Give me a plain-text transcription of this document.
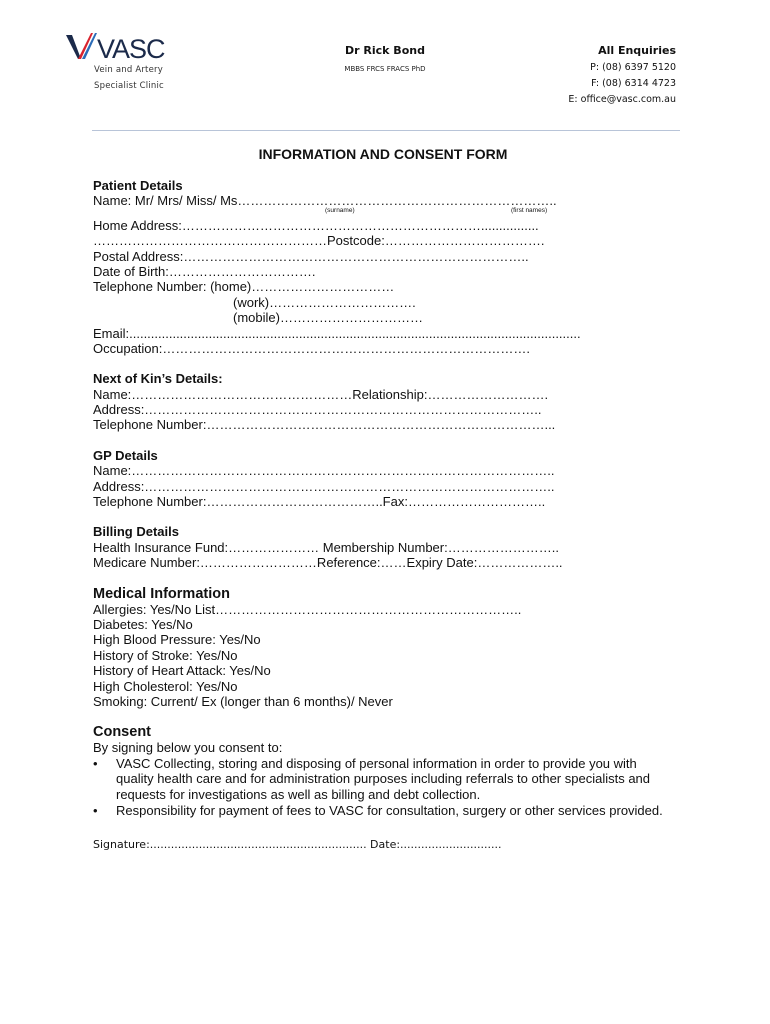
VASC
Vein and Artery
Specialist Clinic
Dr Rick Bond
MBBS FRCS FRACS PhD
All Enquiries
P: (08) 6397 5120
F: (08) 6314 4723
E: office@vasc.com.au
INFORMATION AND CONSENT FORM
Patient Details
Name: Mr/ Mrs/ Miss/ Ms………………………………………………………………..
(surname)	(first names)
Home Address:……………………………………………………………................
………………………………………………Postcode:……………………………….
Postal Address:……………………………………………………………………..
Date of Birth:…………………………….
Telephone Number: (home)……………………………
(work)…………………………….
(mobile)……………………………
Email:.............................................................................................................................
Occupation:………………………………………………………………………….
Next of Kin’s Details:
Name:……………………………………………Relationship:……………………….
Address:………………………………………………………………………………..
Telephone Number:……………………………………………………………………...
GP Details
Name:……………………………………………………………………………………..
Address:…………………………………………………………………………………..
Telephone Number:…………………………………..Fax:…………………………..
Billing Details
Health Insurance Fund:………………… Membership Number:……………………..
Medicare Number:………………………Reference:……Expiry Date:………………..
Medical Information
Allergies: Yes/No List……………………………………………………………..
Diabetes: Yes/No
High Blood Pressure: Yes/No
History of Stroke: Yes/No
History of Heart Attack: Yes/No
High Cholesterol: Yes/No
Smoking: Current/ Ex (longer than 6 months)/ Never
Consent
By signing below you consent to:
• VASC Collecting, storing and disposing of personal information in order to provide you with quality health care and for administration purposes including referrals to other specialists and requests for investigations as well as billing and debt collection.
• Responsibility for payment of fees to VASC for consultation, surgery or other services provided.
Signature:.............................................................. Date:.............................
